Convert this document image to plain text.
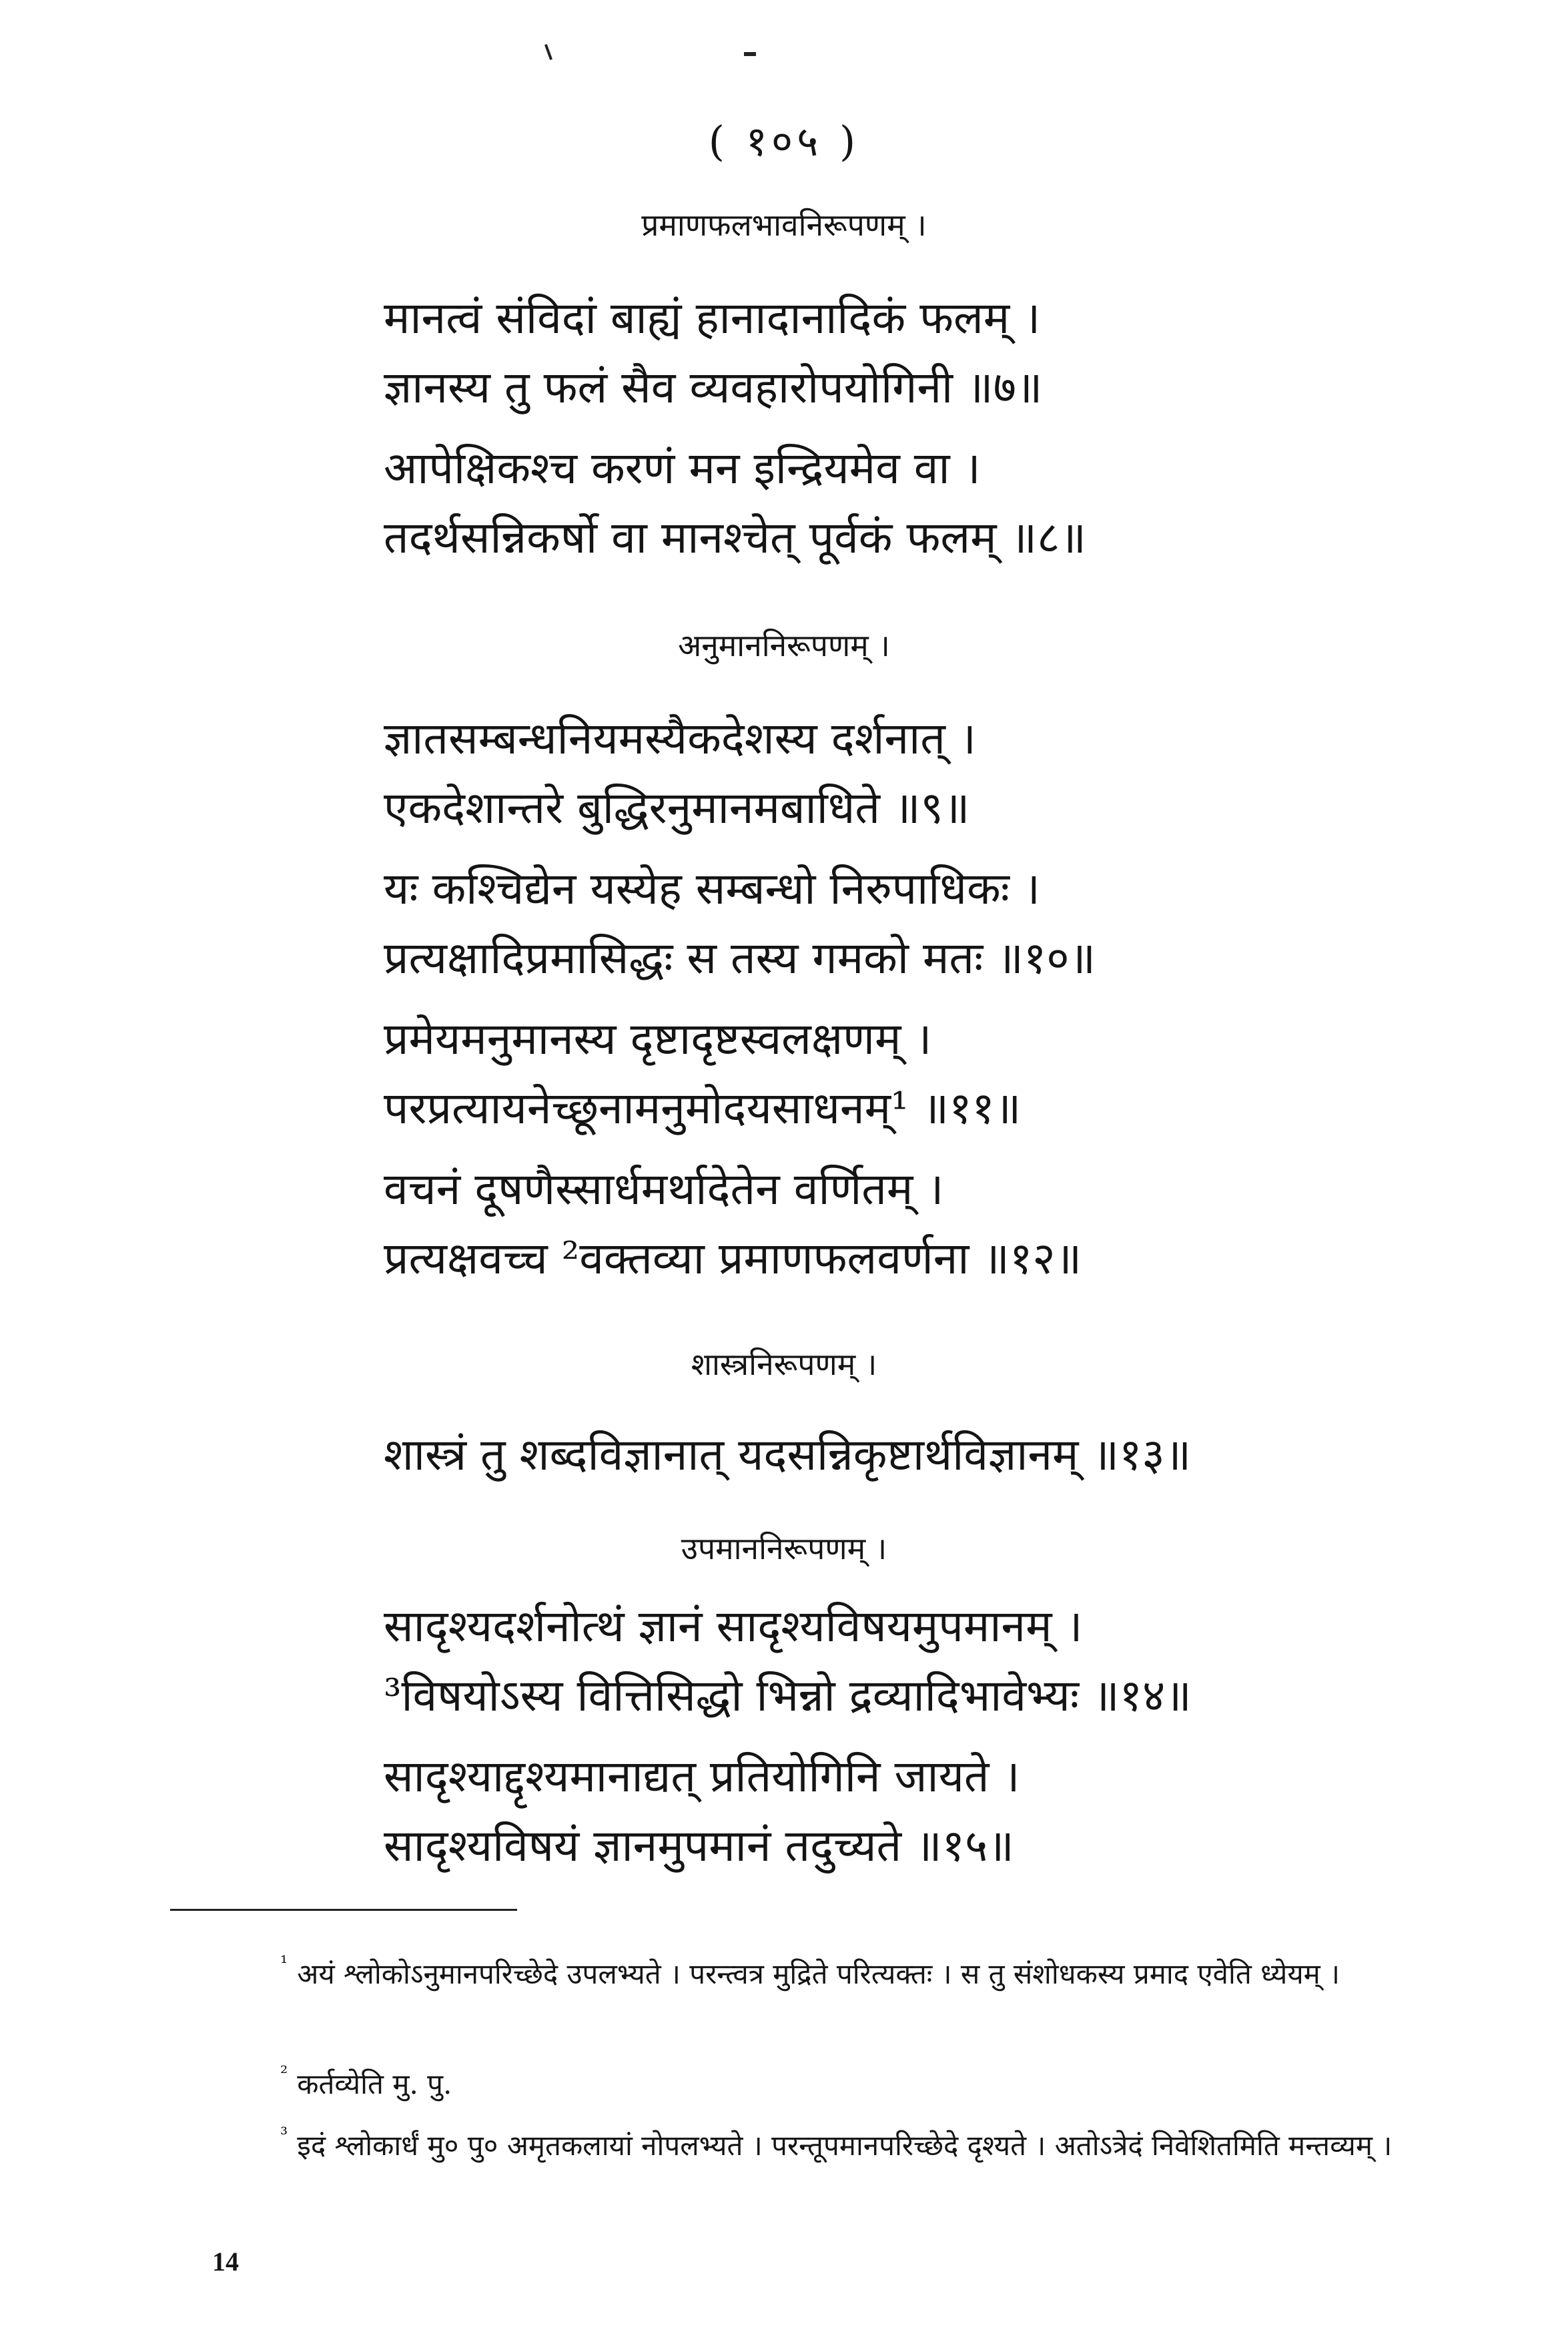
( १०५ )
प्रमाणफलभावनिरूपणम् ।
मानत्वं संविदां बाह्यं हानादानादिकं फलम् ।
ज्ञानस्य तु फलं सैव व्यवहारोपयोगिनी ॥७॥
आपेक्षिकश्च करणं मन इन्द्रियमेव वा ।
तदर्थसन्निकर्षो वा मानश्चेत् पूर्वकं फलम् ॥८॥
अनुमाननिरूपणम् ।
ज्ञातसम्बन्धनियमस्यैकदेशस्य दर्शनात् ।
एकदेशान्तरे बुद्धिरनुमानमबाधिते ॥९॥
यः कश्चिद्येन यस्येह सम्बन्धो निरुपाधिकः ।
प्रत्यक्षादिप्रमासिद्धः स तस्य गमको मतः ॥१०॥
प्रमेयमनुमानस्य दृष्टादृष्टस्वलक्षणम् ।
परप्रत्यायनेच्छूनामनुमोदयसाधनम्¹ ॥११॥
वचनं दूषणैस्सार्धमर्थादेतेन वर्णितम् ।
प्रत्यक्षवच्च ²वक्तव्या प्रमाणफलवर्णना ॥१२॥
शास्त्रनिरूपणम् ।
शास्त्रं तु शब्दविज्ञानात् यदसन्निकृष्टार्थविज्ञानम् ॥१३॥
उपमाननिरूपणम् ।
सादृश्यदर्शनोत्थं ज्ञानं सादृश्यविषयमुपमानम् ।
³विषयोऽस्य वित्तिसिद्धो भिन्नो द्रव्यादिभावेभ्यः ॥१४॥
सादृश्याद्दृश्यमानाद्यत् प्रतियोगिनि जायते ।
सादृश्यविषयं ज्ञानमुपमानं तदुच्यते ॥१५॥
$^{^1}$ अयं श्लोकोऽनुमानपरिच्छेदे उपलभ्यते । परन्त्वत्र मुद्रिते परित्यक्तः । स तु संशोधकस्य प्रमाद एवेति ध्येयम् ।
$^{^2}$ कर्तव्येति मु. पु.
$^{^3}$ इदं श्लोकार्धं मु० पु० अमृतकलायां नोपलभ्यते । परन्तूपमानपरिच्छेदे दृश्यते । अतोऽत्रेदं निवेशितमिति मन्तव्यम् ।
14
